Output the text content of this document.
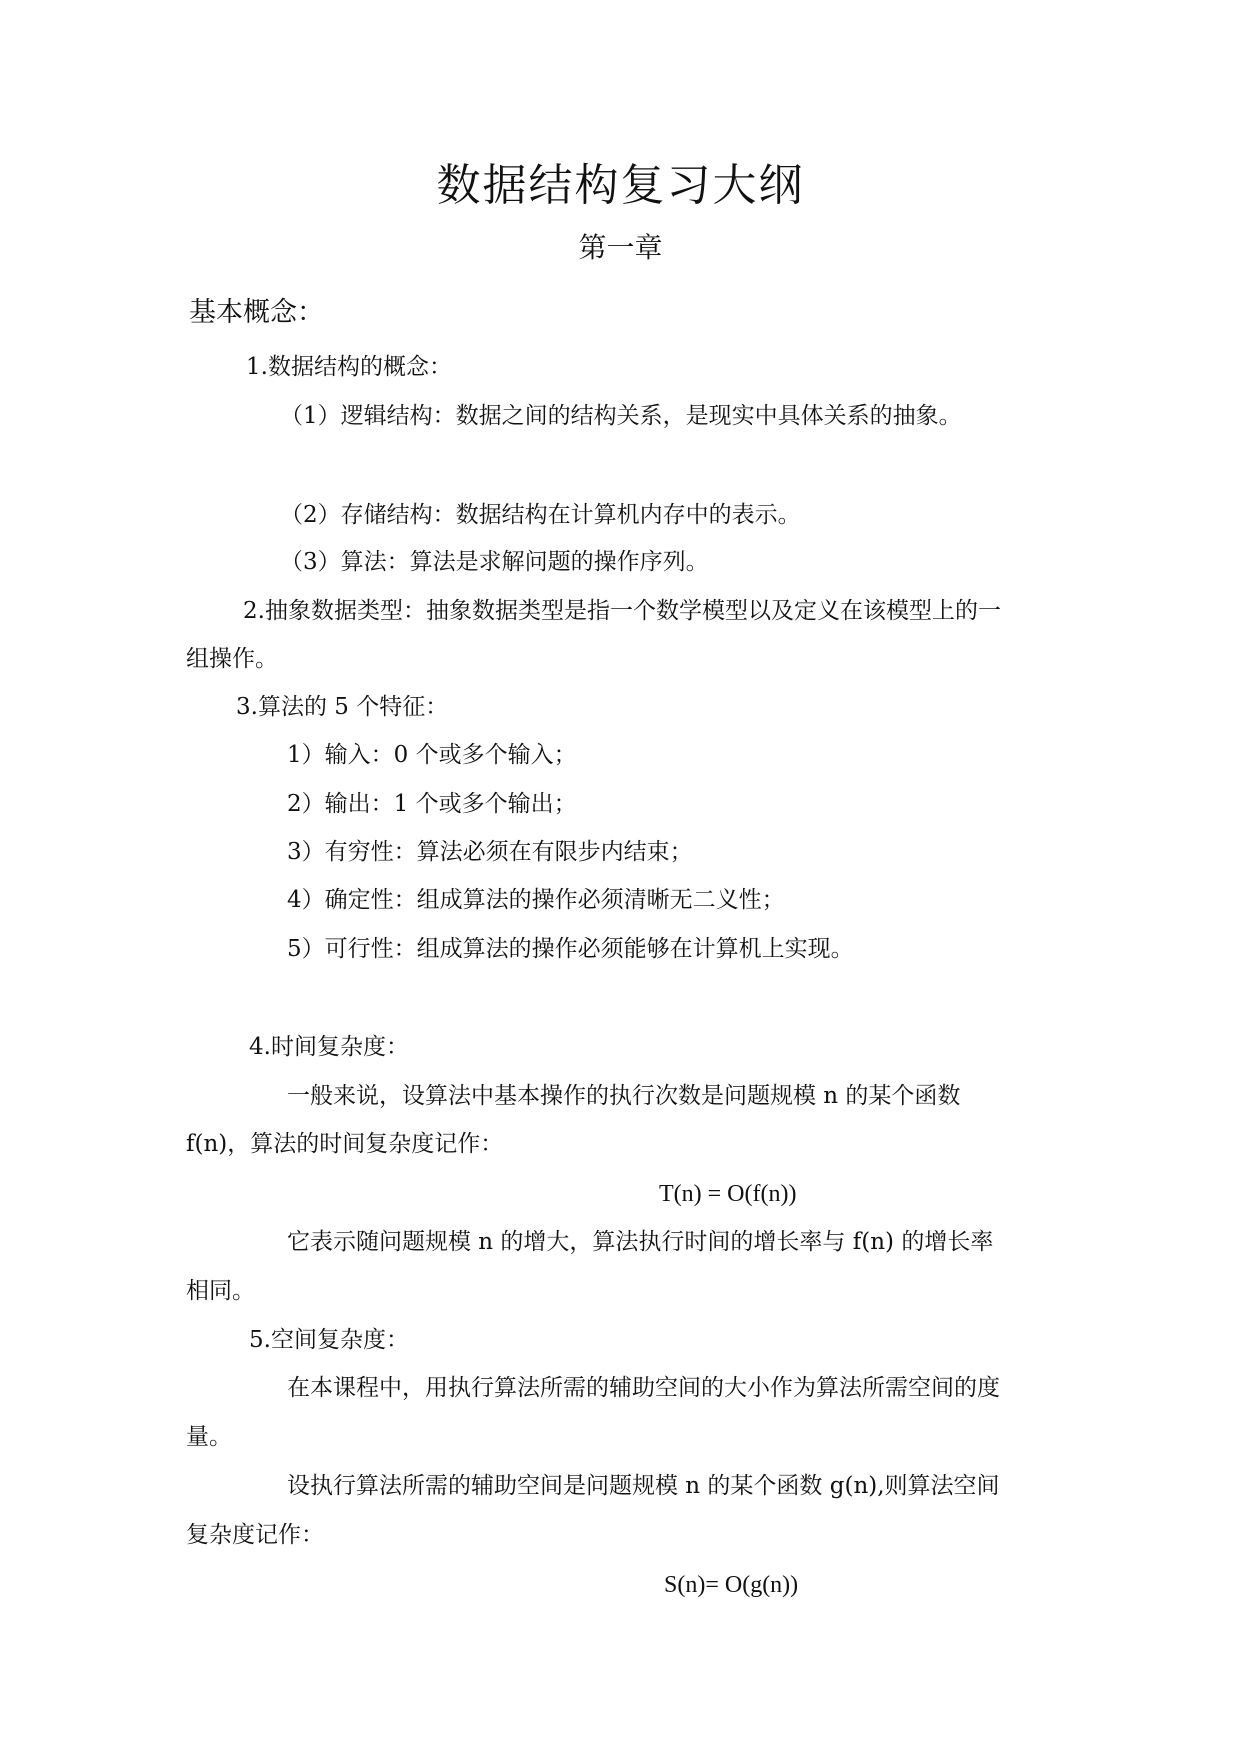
数据结构复习大纲
第一章
基本概念：
1.数据结构的概念：
（1）逻辑结构：数据之间的结构关系，是现实中具体关系的抽象。
（2）存储结构：数据结构在计算机内存中的表示。
（3）算法：算法是求解问题的操作序列。
2.抽象数据类型：抽象数据类型是指一个数学模型以及定义在该模型上的一
组操作。
3.算法的 5 个特征：
1）输入：0 个或多个输入；
2）输出：1 个或多个输出；
3）有穷性：算法必须在有限步内结束；
4）确定性：组成算法的操作必须清晰无二义性；
5）可行性：组成算法的操作必须能够在计算机上实现。
4.时间复杂度：
一般来说，设算法中基本操作的执行次数是问题规模 n 的某个函数
f(n)，算法的时间复杂度记作：
T(n) = O(f(n))
它表示随问题规模 n 的增大，算法执行时间的增长率与 f(n) 的增长率
相同。
5.空间复杂度：
在本课程中，用执行算法所需的辅助空间的大小作为算法所需空间的度
量。
设执行算法所需的辅助空间是问题规模 n 的某个函数 g(n),则算法空间
复杂度记作：
S(n)= O(g(n))
